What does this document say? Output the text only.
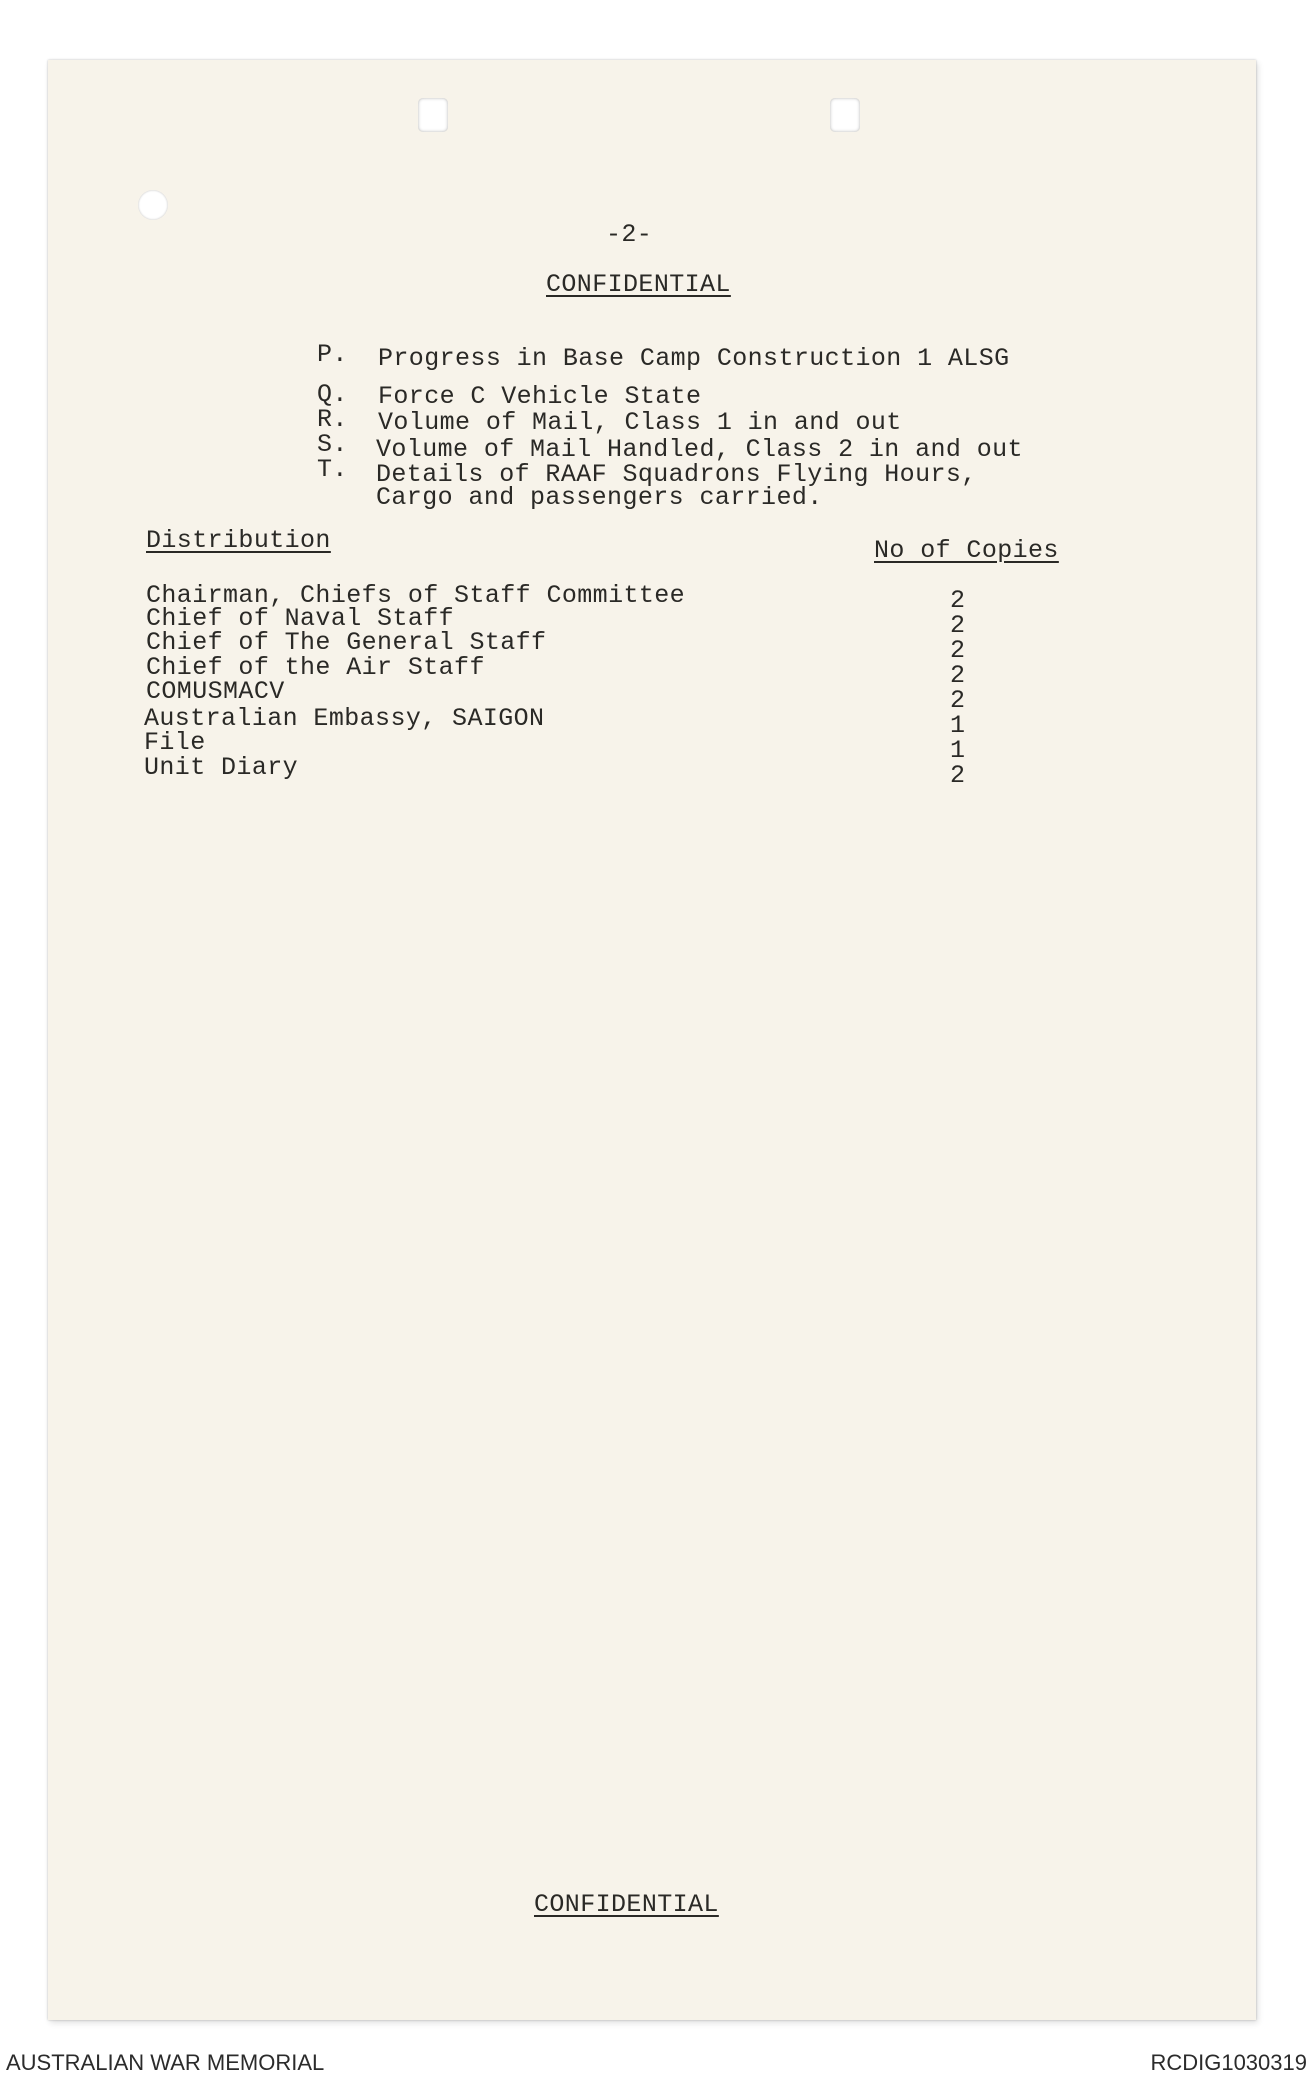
-2-
CONFIDENTIAL
P. Progress in Base Camp Construction 1 ALSG
Q. Force C Vehicle State
R. Volume of Mail, Class 1 in and out
S. Volume of Mail Handled, Class 2 in and out
T. Details of RAAF Squadrons Flying Hours,
Cargo and passengers carried.
Distribution	No of Copies
Chairman, Chiefs of Staff Committee	2
Chief of Naval Staff	2
Chief of The General Staff	2
Chief of the Air Staff	2
COMUSMACV	2
Australian Embassy, SAIGON	1
File	1
Unit Diary	2
CONFIDENTIAL
AUSTRALIAN WAR MEMORIAL	RCDIG1030319
